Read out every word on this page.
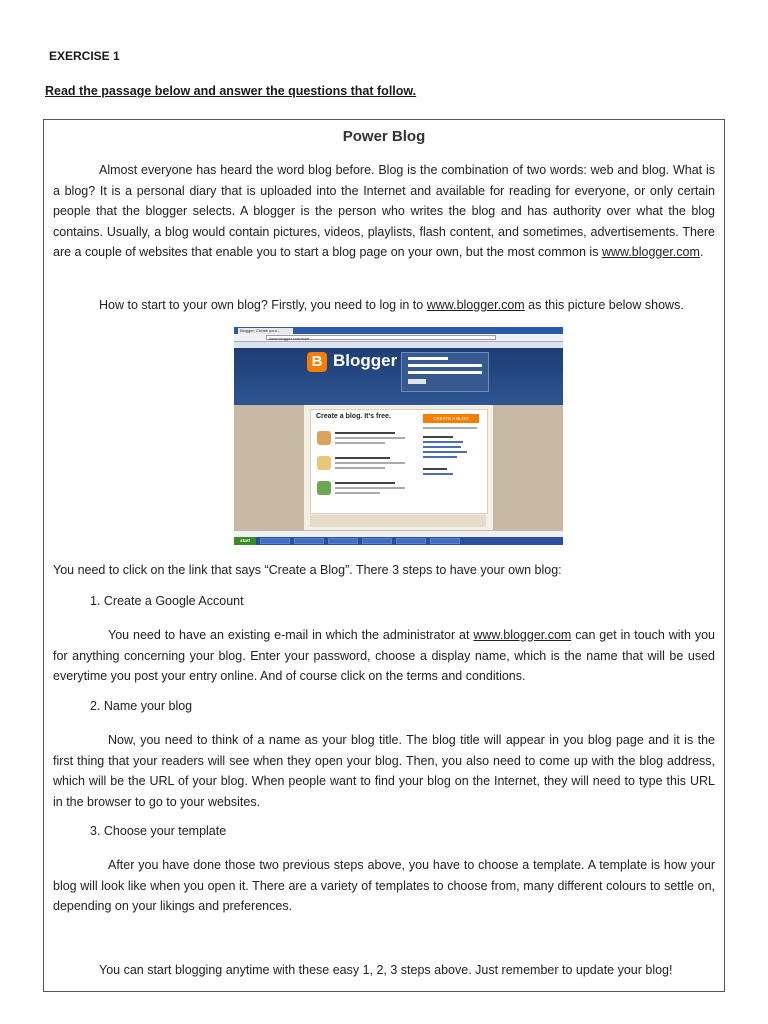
EXERCISE 1
Read the passage below and answer the questions that follow.
Power Blog
Almost everyone has heard the word blog before. Blog is the combination of two words: web and blog. What is a blog? It is a personal diary that is uploaded into the Internet and available for reading for everyone, or only certain people that the blogger selects. A blogger is the person who writes the blog and has authority over what the blog contains. Usually, a blog would contain pictures, videos, playlists, flash content, and sometimes, advertisements. There are a couple of websites that enable you to start a blog page on your own, but the most common is www.blogger.com.
How to start to your own blog? Firstly, you need to log in to www.blogger.com as this picture below shows.
Blogger: Create your...
www.blogger.com/start
B Blogger
Create a blog. It's free.	CREATE A BLOG
start
You need to click on the link that says “Create a Blog”. There 3 steps to have your own blog:
1. Create a Google Account
You need to have an existing e-mail in which the administrator at www.blogger.com can get in touch with you for anything concerning your blog. Enter your password, choose a display name, which is the name that will be used everytime you post your entry online. And of course click on the terms and conditions.
2. Name your blog
Now, you need to think of a name as your blog title. The blog title will appear in you blog page and it is the first thing that your readers will see when they open your blog. Then, you also need to come up with the blog address, which will be the URL of your blog. When people want to find your blog on the Internet, they will need to type this URL in the browser to go to your websites.
3. Choose your template
After you have done those two previous steps above, you have to choose a template. A template is how your blog will look like when you open it. There are a variety of templates to choose from, many different colours to settle on, depending on your likings and preferences.
You can start blogging anytime with these easy 1, 2, 3 steps above. Just remember to update your blog!
